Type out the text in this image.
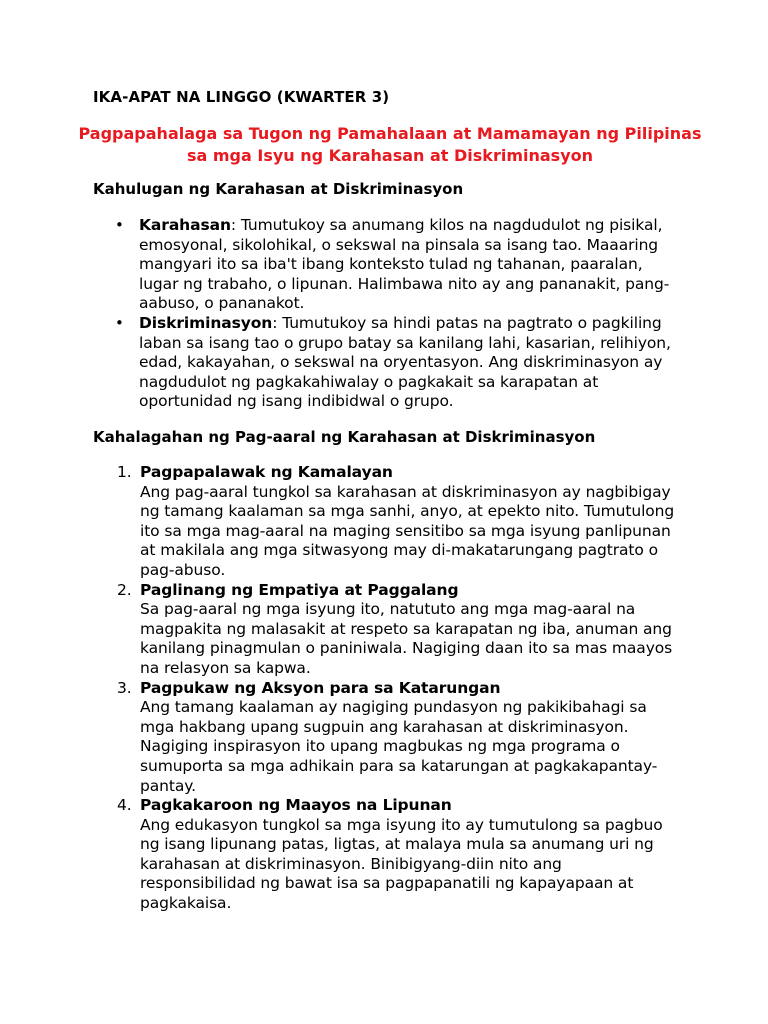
IKA-APAT NA LINGGO (KWARTER 3)
Pagpapahalaga sa Tugon ng Pamahalaan at Mamamayan ng Pilipinas
sa mga Isyu ng Karahasan at Diskriminasyon
Kahulugan ng Karahasan at Diskriminasyon
• Karahasan: Tumutukoy sa anumang kilos na nagdudulot ng pisikal, emosyonal, sikolohikal, o sekswal na pinsala sa isang tao. Maaaring mangyari ito sa iba't ibang konteksto tulad ng tahanan, paaralan, lugar ng trabaho, o lipunan. Halimbawa nito ay ang pananakit, pang-aabuso, o pananakot.
• Diskriminasyon: Tumutukoy sa hindi patas na pagtrato o pagkiling laban sa isang tao o grupo batay sa kanilang lahi, kasarian, relihiyon, edad, kakayahan, o sekswal na oryentasyon. Ang diskriminasyon ay nagdudulot ng pagkakahiwalay o pagkakait sa karapatan at oportunidad ng isang indibidwal o grupo.
Kahalagahan ng Pag-aaral ng Karahasan at Diskriminasyon
1. Pagpapalawak ng Kamalayan
Ang pag-aaral tungkol sa karahasan at diskriminasyon ay nagbibigay ng tamang kaalaman sa mga sanhi, anyo, at epekto nito. Tumutulong ito sa mga mag-aaral na maging sensitibo sa mga isyung panlipunan at makilala ang mga sitwasyong may di-makatarungang pagtrato o pag-abuso.
2. Paglinang ng Empatiya at Paggalang
Sa pag-aaral ng mga isyung ito, natututo ang mga mag-aaral na magpakita ng malasakit at respeto sa karapatan ng iba, anuman ang kanilang pinagmulan o paniniwala. Nagiging daan ito sa mas maayos na relasyon sa kapwa.
3. Pagpukaw ng Aksyon para sa Katarungan
Ang tamang kaalaman ay nagiging pundasyon ng pakikibahagi sa mga hakbang upang sugpuin ang karahasan at diskriminasyon. Nagiging inspirasyon ito upang magbukas ng mga programa o sumuporta sa mga adhikain para sa katarungan at pagkakapantay-pantay.
4. Pagkakaroon ng Maayos na Lipunan
Ang edukasyon tungkol sa mga isyung ito ay tumutulong sa pagbuo ng isang lipunang patas, ligtas, at malaya mula sa anumang uri ng karahasan at diskriminasyon. Binibigyang-diin nito ang responsibilidad ng bawat isa sa pagpapanatili ng kapayapaan at pagkakaisa.
